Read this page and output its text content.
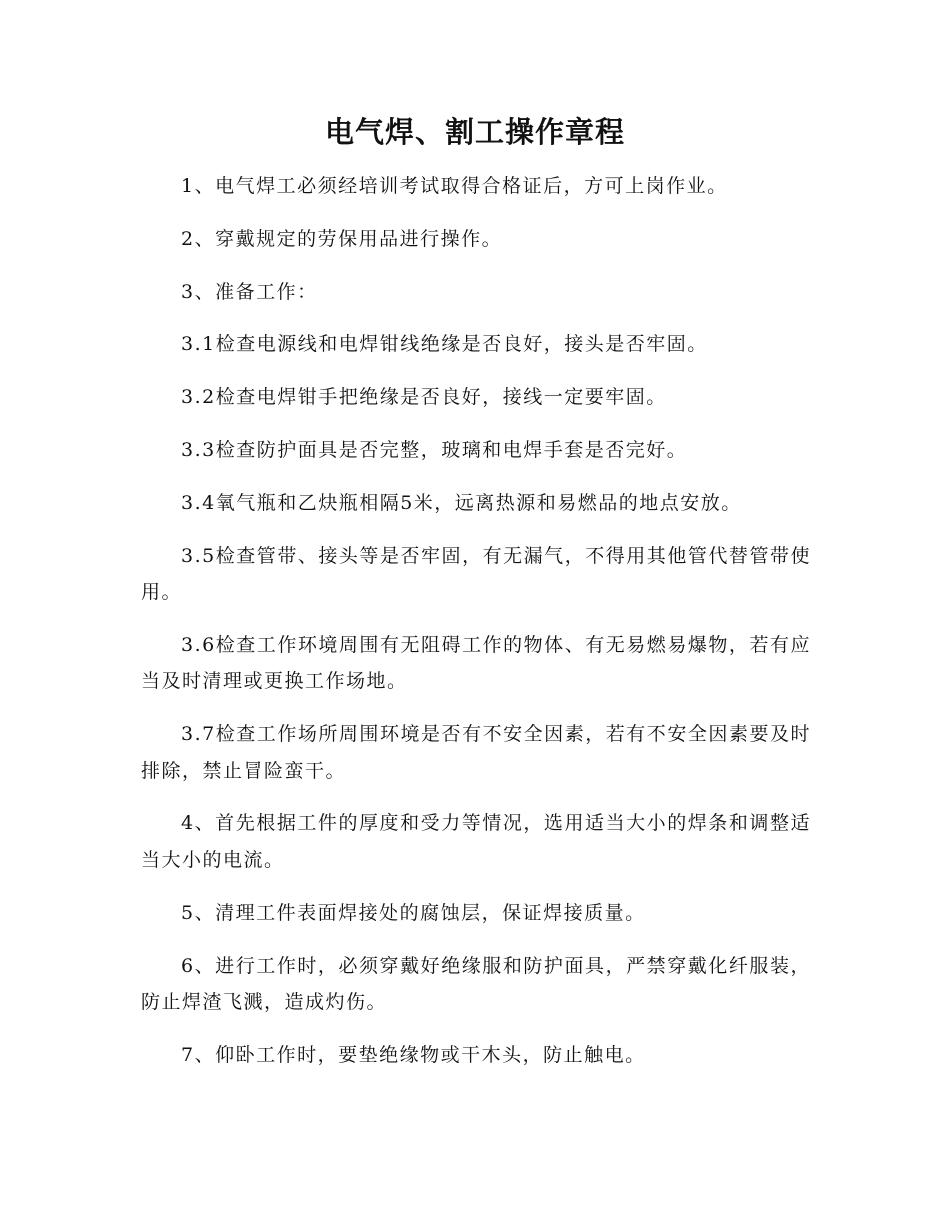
电气焊、割工操作章程

1、电气焊工必须经培训考试取得合格证后，方可上岗作业。

2、穿戴规定的劳保用品进行操作。

3、准备工作：

3.1检查电源线和电焊钳线绝缘是否良好，接头是否牢固。

3.2检查电焊钳手把绝缘是否良好，接线一定要牢固。

3.3检查防护面具是否完整，玻璃和电焊手套是否完好。

3.4氧气瓶和乙炔瓶相隔5米，远离热源和易燃品的地点安放。

3.5检查管带、接头等是否牢固，有无漏气，不得用其他管代替管带使用。

3.6检查工作环境周围有无阻碍工作的物体、有无易燃易爆物，若有应当及时清理或更换工作场地。

3.7检查工作场所周围环境是否有不安全因素，若有不安全因素要及时排除，禁止冒险蛮干。

4、首先根据工件的厚度和受力等情况，选用适当大小的焊条和调整适当大小的电流。

5、清理工件表面焊接处的腐蚀层，保证焊接质量。

6、进行工作时，必须穿戴好绝缘服和防护面具，严禁穿戴化纤服装，防止焊渣飞溅，造成灼伤。

7、仰卧工作时，要垫绝缘物或干木头，防止触电。
